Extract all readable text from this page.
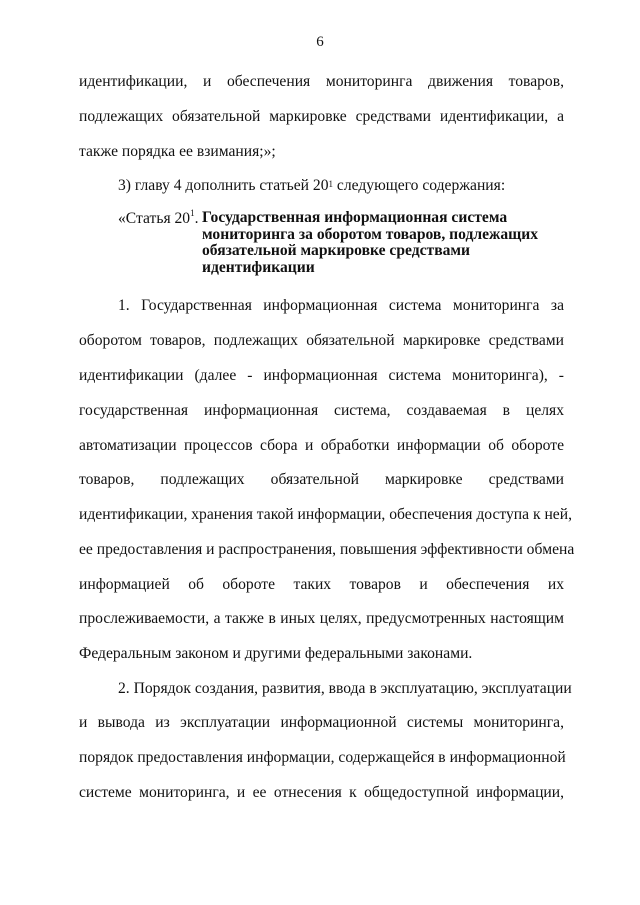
6
идентификации, и обеспечения мониторинга движения товаров,
подлежащих обязательной маркировке средствами идентификации, а
также порядка ее взимания;»;
3) главу 4 дополнить статьей $20^1$ следующего содержания:
«Статья $20^1$. Государственная информационная система
мониторинга за оборотом товаров, подлежащих
обязательной маркировке средствами
идентификации
1. Государственная информационная система мониторинга за
оборотом товаров, подлежащих обязательной маркировке средствами
идентификации (далее - информационная система мониторинга), -
государственная информационная система, создаваемая в целях
автоматизации процессов сбора и обработки информации об обороте
товаров, подлежащих обязательной маркировке средствами
идентификации, хранения такой информации, обеспечения доступа к ней,
ее предоставления и распространения, повышения эффективности обмена
информацией об обороте таких товаров и обеспечения их
прослеживаемости, а также в иных целях, предусмотренных настоящим
Федеральным законом и другими федеральными законами.
2. Порядок создания, развития, ввода в эксплуатацию, эксплуатации
и вывода из эксплуатации информационной системы мониторинга,
порядок предоставления информации, содержащейся в информационной
системе мониторинга, и ее отнесения к общедоступной информации,
